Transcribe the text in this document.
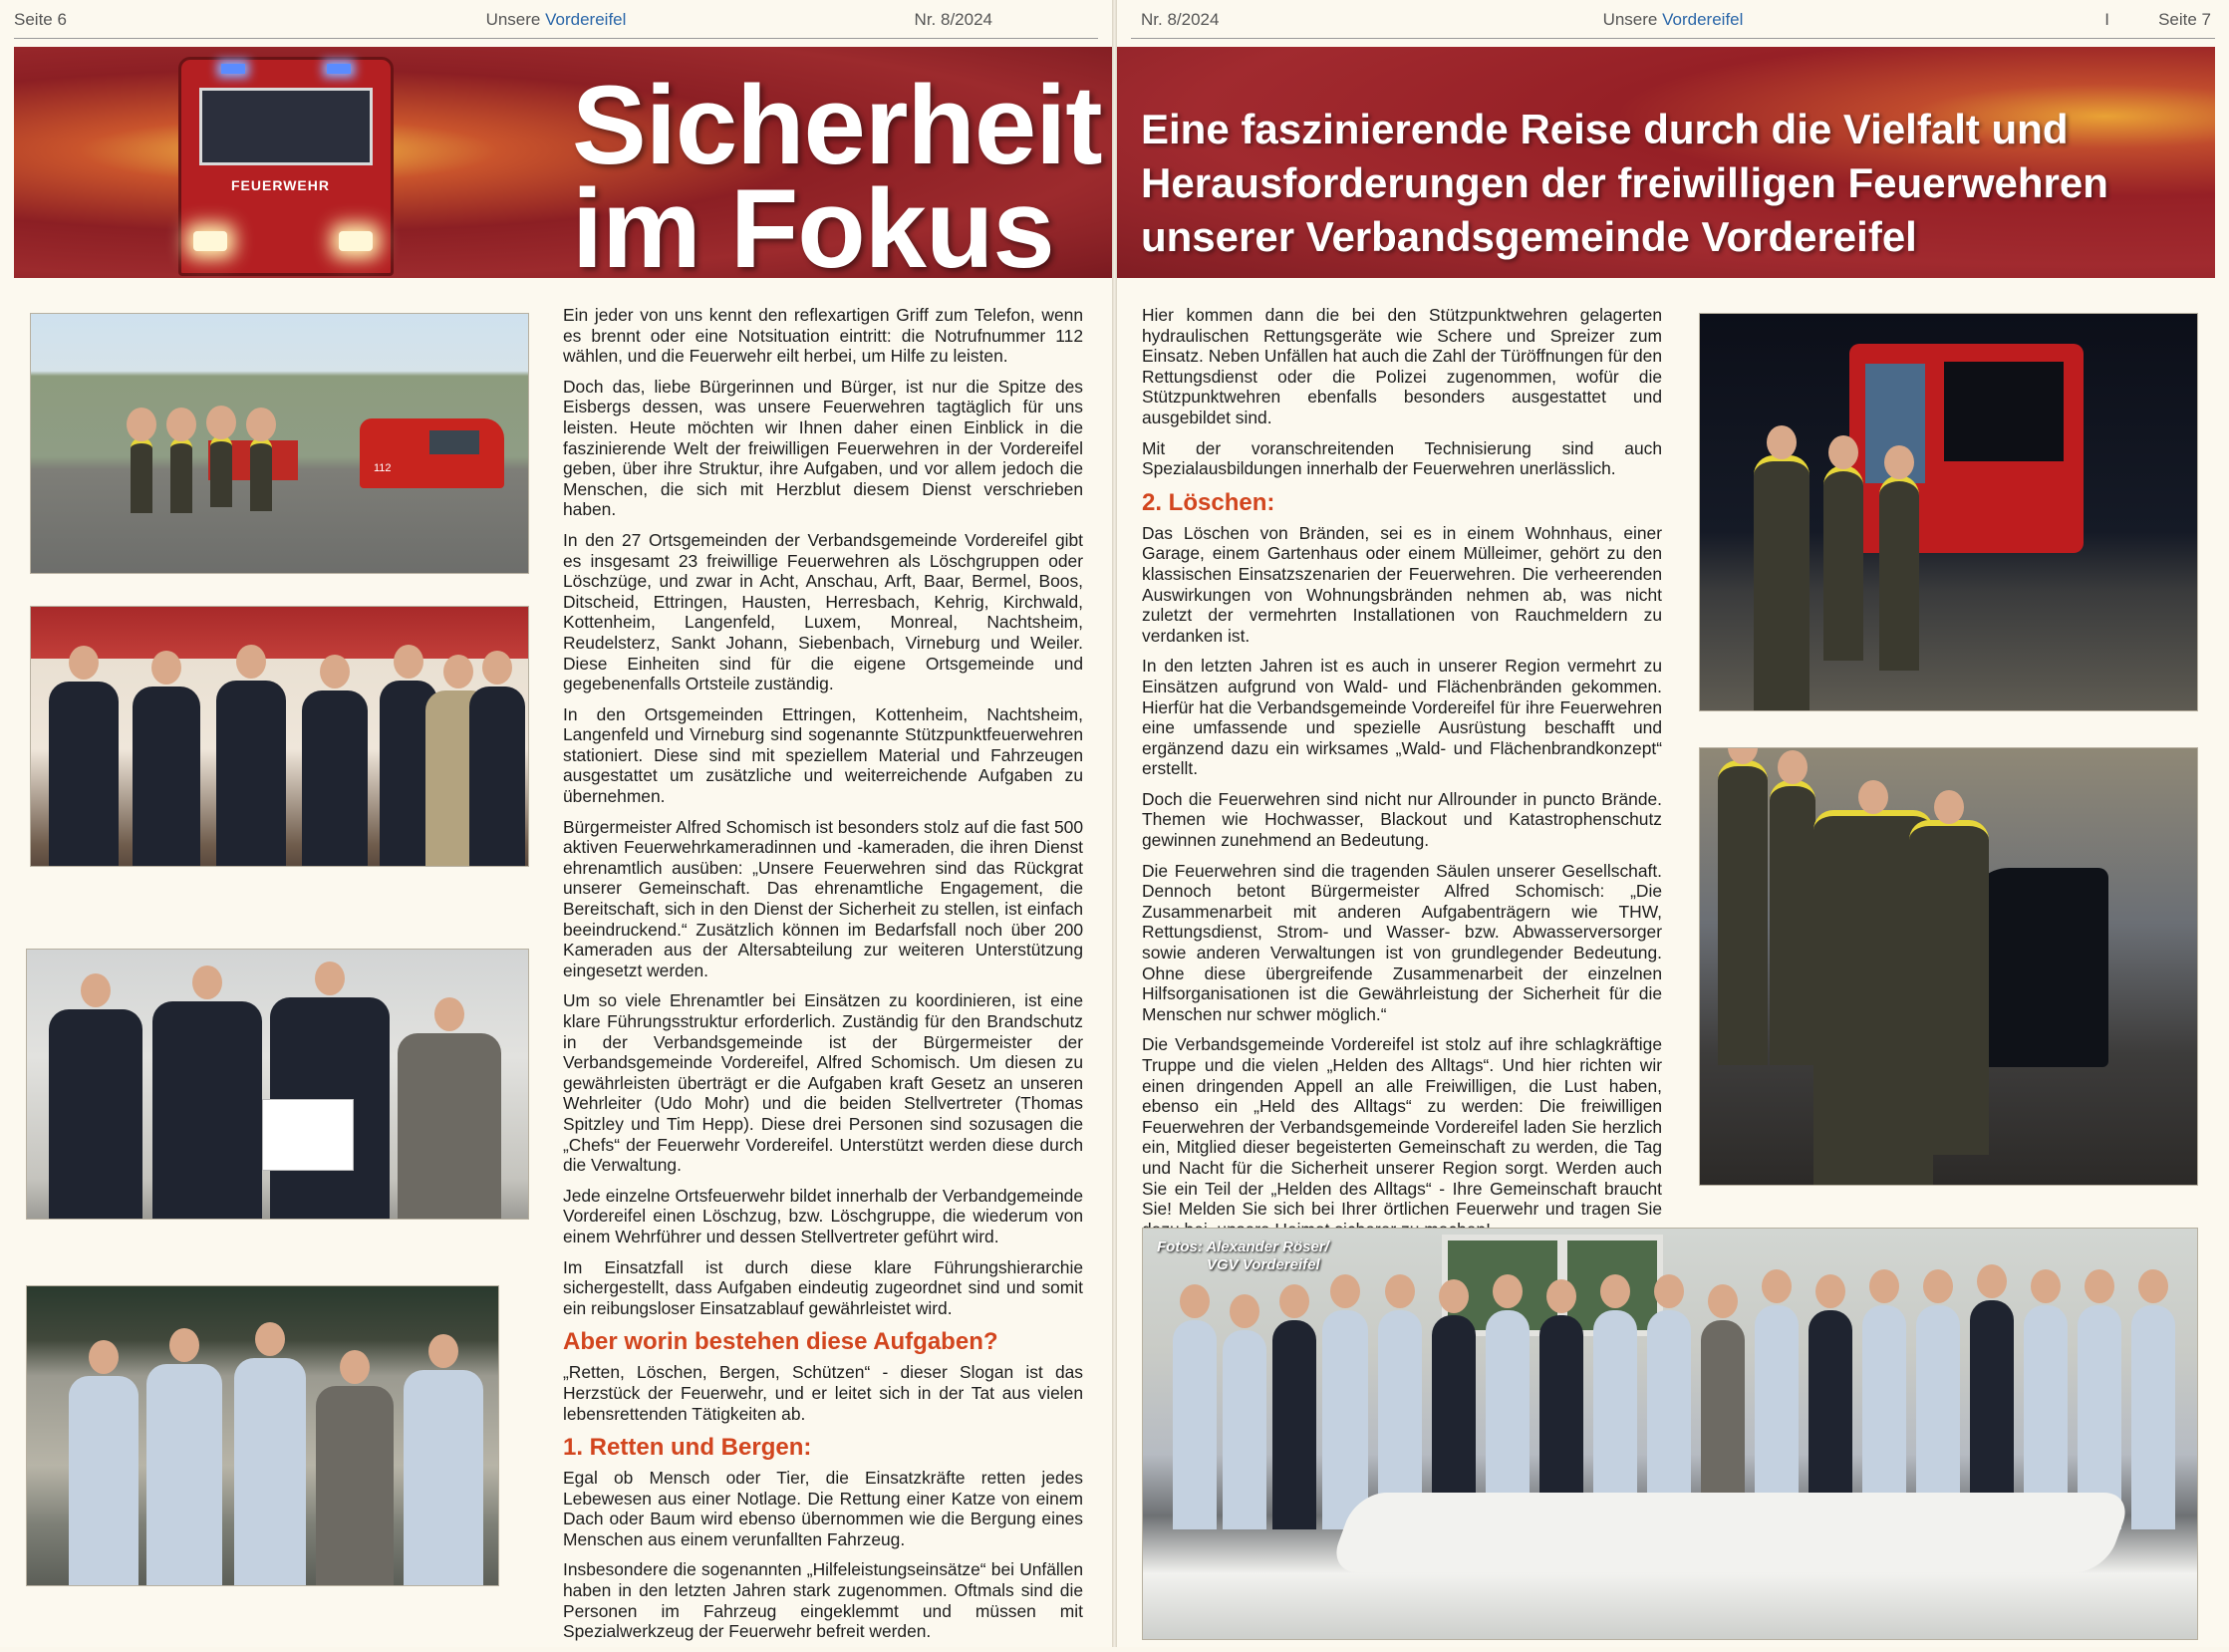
Seite 6	Unsere Vordereifel	Nr. 8/2024
FEUERWEHR Sicherheit
im Fokus
112

Ein jeder von uns kennt den reflexartigen Griff zum Telefon, wenn es brennt oder eine Notsituation eintritt: die Notrufnummer 112 wählen, und die Feuerwehr eilt herbei, um Hilfe zu leisten.

Doch das, liebe Bürgerinnen und Bürger, ist nur die Spitze des Eisbergs dessen, was unsere Feuerwehren tagtäglich für uns leisten. Heute möchten wir Ihnen daher einen Einblick in die faszinierende Welt der freiwilligen Feuerwehren in der Vordereifel geben, über ihre Struktur, ihre Aufgaben, und vor allem jedoch die Menschen, die sich mit Herzblut diesem Dienst verschrieben haben.

In den 27 Ortsgemeinden der Verbandsgemeinde Vordereifel gibt es insgesamt 23 freiwillige Feuerwehren als Löschgruppen oder Löschzüge, und zwar in Acht, Anschau, Arft, Baar, Bermel, Boos, Ditscheid, Ettringen, Hausten, Herresbach, Kehrig, Kirchwald, Kottenheim, Langenfeld, Luxem, Monreal, Nachtsheim, Reudelsterz, Sankt Johann, Siebenbach, Virneburg und Weiler. Diese Einheiten sind für die eigene Ortsgemeinde und gegebenenfalls Ortsteile zuständig.

In den Ortsgemeinden Ettringen, Kottenheim, Nachtsheim, Langenfeld und Virneburg sind sogenannte Stützpunktfeuerwehren stationiert. Diese sind mit speziellem Material und Fahrzeugen ausgestattet um zusätzliche und weiterreichende Aufgaben zu übernehmen.

Bürgermeister Alfred Schomisch ist besonders stolz auf die fast 500 aktiven Feuerwehrkameradinnen und -kameraden, die ihren Dienst ehrenamtlich ausüben: „Unsere Feuerwehren sind das Rückgrat unserer Gemeinschaft. Das ehrenamtliche Engagement, die Bereitschaft, sich in den Dienst der Sicherheit zu stellen, ist einfach beeindruckend.“ Zusätzlich können im Bedarfsfall noch über 200 Kameraden aus der Altersabteilung zur weiteren Unterstützung eingesetzt werden.

Um so viele Ehrenamtler bei Einsätzen zu koordinieren, ist eine klare Führungsstruktur erforderlich. Zuständig für den Brandschutz in der Verbandsgemeinde ist der Bürgermeister der Verbandsgemeinde Vordereifel, Alfred Schomisch. Um diesen zu gewährleisten überträgt er die Aufgaben kraft Gesetz an unseren Wehrleiter (Udo Mohr) und die beiden Stellvertreter (Thomas Spitzley und Tim Hepp). Diese drei Personen sind sozusagen die „Chefs“ der Feuerwehr Vordereifel. Unterstützt werden diese durch die Verwaltung.

Jede einzelne Ortsfeuerwehr bildet innerhalb der Verbandgemeinde Vordereifel einen Löschzug, bzw. Löschgruppe, die wiederum von einem Wehrführer und dessen Stellvertreter geführt wird.

Im Einsatzfall ist durch diese klare Führungshierarchie sichergestellt, dass Aufgaben eindeutig zugeordnet sind und somit ein reibungsloser Einsatzablauf gewährleistet wird.

Aber worin bestehen diese Aufgaben?

„Retten, Löschen, Bergen, Schützen“ - dieser Slogan ist das Herzstück der Feuerwehr, und er leitet sich in der Tat aus vielen lebensrettenden Tätigkeiten ab.

1. Retten und Bergen:

Egal ob Mensch oder Tier, die Einsatzkräfte retten jedes Lebewesen aus einer Notlage. Die Rettung einer Katze von einem Dach oder Baum wird ebenso übernommen wie die Bergung eines Menschen aus einem verunfallten Fahrzeug.

Insbesondere die sogenannten „Hilfeleistungseinsätze“ bei Unfällen haben in den letzten Jahren stark zugenommen. Oftmals sind die Personen im Fahrzeug eingeklemmt und müssen mit Spezialwerkzeug der Feuerwehr befreit werden.

Nr. 8/2024	Unsere Vordereifel	I	Seite 7
Eine faszinierende Reise durch die Vielfalt und Herausforderungen der freiwilligen Feuerwehren unserer Verbandsgemeinde Vordereifel

Hier kommen dann die bei den Stützpunktwehren gelagerten hydraulischen Rettungsgeräte wie Schere und Spreizer zum Einsatz. Neben Unfällen hat auch die Zahl der Türöffnungen für den Rettungsdienst oder die Polizei zugenommen, wofür die Stützpunktwehren ebenfalls besonders ausgestattet und ausgebildet sind.

Mit der voranschreitenden Technisierung sind auch Spezialausbildungen innerhalb der Feuerwehren unerlässlich.

2. Löschen:

Das Löschen von Bränden, sei es in einem Wohnhaus, einer Garage, einem Gartenhaus oder einem Mülleimer, gehört zu den klassischen Einsatzszenarien der Feuerwehren. Die verheerenden Auswirkungen von Wohnungsbränden nehmen ab, was nicht zuletzt der vermehrten Installationen von Rauchmeldern zu verdanken ist.

In den letzten Jahren ist es auch in unserer Region vermehrt zu Einsätzen aufgrund von Wald- und Flächenbränden gekommen. Hierfür hat die Verbandsgemeinde Vordereifel für ihre Feuerwehren eine umfassende und spezielle Ausrüstung beschafft und ergänzend dazu ein wirksames „Wald- und Flächenbrandkonzept“ erstellt.

Doch die Feuerwehren sind nicht nur Allrounder in puncto Brände. Themen wie Hochwasser, Blackout und Katastrophenschutz gewinnen zunehmend an Bedeutung.

Die Feuerwehren sind die tragenden Säulen unserer Gesellschaft. Dennoch betont Bürgermeister Alfred Schomisch: „Die Zusammenarbeit mit anderen Aufgabenträgern wie THW, Rettungsdienst, Strom- und Wasser- bzw. Abwasserversorger sowie anderen Verwaltungen ist von grundlegender Bedeutung. Ohne diese übergreifende Zusammenarbeit der einzelnen Hilfsorganisationen ist die Gewährleistung der Sicherheit für die Menschen nur schwer möglich.“

Die Verbandsgemeinde Vordereifel ist stolz auf ihre schlagkräftige Truppe und die vielen „Helden des Alltags“. Und hier richten wir einen dringenden Appell an alle Freiwilligen, die Lust haben, ebenso ein „Held des Alltags“ zu werden: Die freiwilligen Feuerwehren der Verbandsgemeinde Vordereifel laden Sie herzlich ein, Mitglied dieser begeisterten Gemeinschaft zu werden, die Tag und Nacht für die Sicherheit unserer Region sorgt. Werden auch Sie ein Teil der „Helden des Alltags“ - Ihre Gemeinschaft braucht Sie! Melden Sie sich bei Ihrer örtlichen Feuerwehr und tragen Sie

Fotos: Alexander Röser/
VGV Vordereifel
